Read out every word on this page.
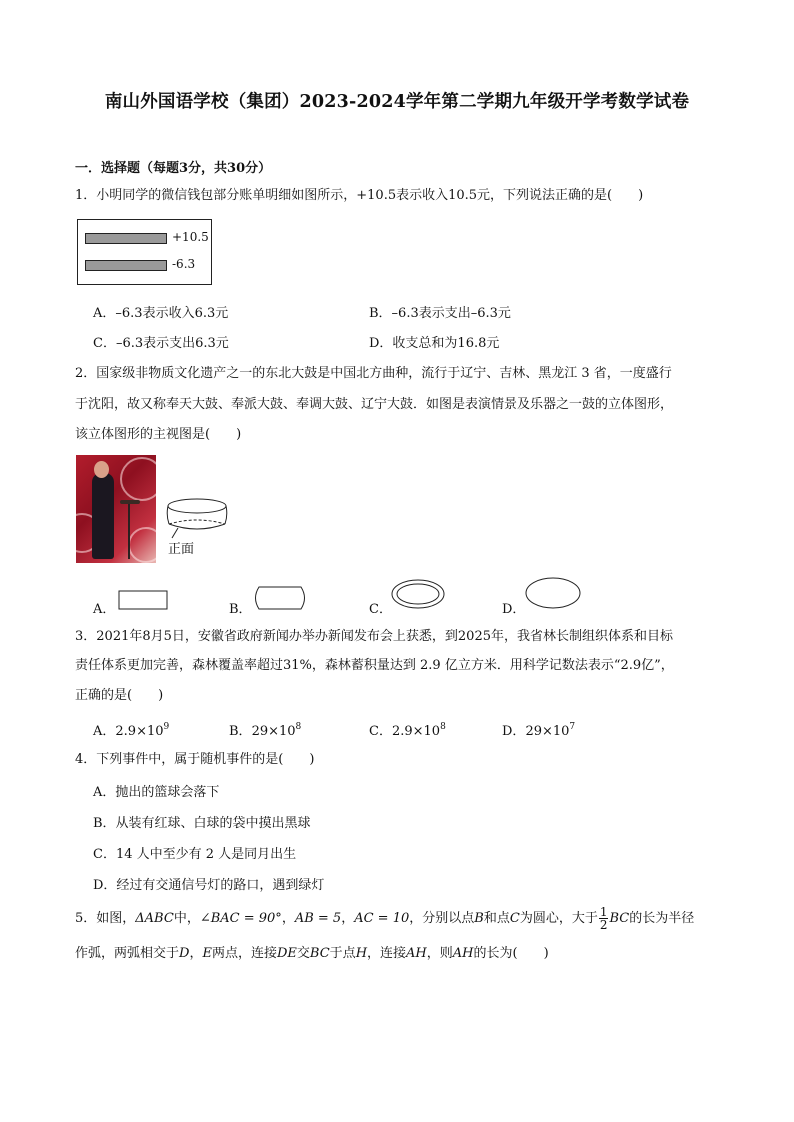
南山外国语学校（集团）2023-2024学年第二学期九年级开学考数学试卷
一．选择题（每题3分，共30分）
1．小明同学的微信钱包部分账单明细如图所示，+10.5表示收入10.5元，下列说法正确的是(　　)
+10.5
-6.3
A．–6.3表示收入6.3元	B．–6.3表示支出–6.3元
C．–6.3表示支出6.3元	D．收支总和为16.8元
2．国家级非物质文化遗产之一的东北大鼓是中国北方曲种，流行于辽宁、吉林、黑龙江 3 省，一度盛行
于沈阳，故又称奉天大鼓、奉派大鼓、奉调大鼓、辽宁大鼓．如图是表演情景及乐器之一鼓的立体图形，
该立体图形的主视图是(　　)
正面
A．	B．	C．	D．
3．2021年8月5日，安徽省政府新闻办举办新闻发布会上获悉，到2025年，我省林长制组织体系和目标
责任体系更加完善，森林覆盖率超过31%，森林蓄积量达到 2.9 亿立方米．用科学记数法表示“2.9亿”，
正确的是(　　)
A．$2.9\times 10^9$	B．$29\times 10^8$	C．$2.9\times 10^8$	D．$29\times 10^7$
4．下列事件中，属于随机事件的是(　　)
A．抛出的篮球会落下
B．从装有红球、白球的袋中摸出黑球
C．14 人中至少有 2 人是同月出生
D．经过有交通信号灯的路口，遇到绿灯
5．如图，ΔABC中，∠BAC = 90°，AB = 5，AC = 10，分别以点B和点C为圆心，大于 $\frac{1}{2}$ BC的长为半径
作弧，两弧相交于D，E两点，连接DE交BC于点H，连接AH，则AH的长为(　　)
